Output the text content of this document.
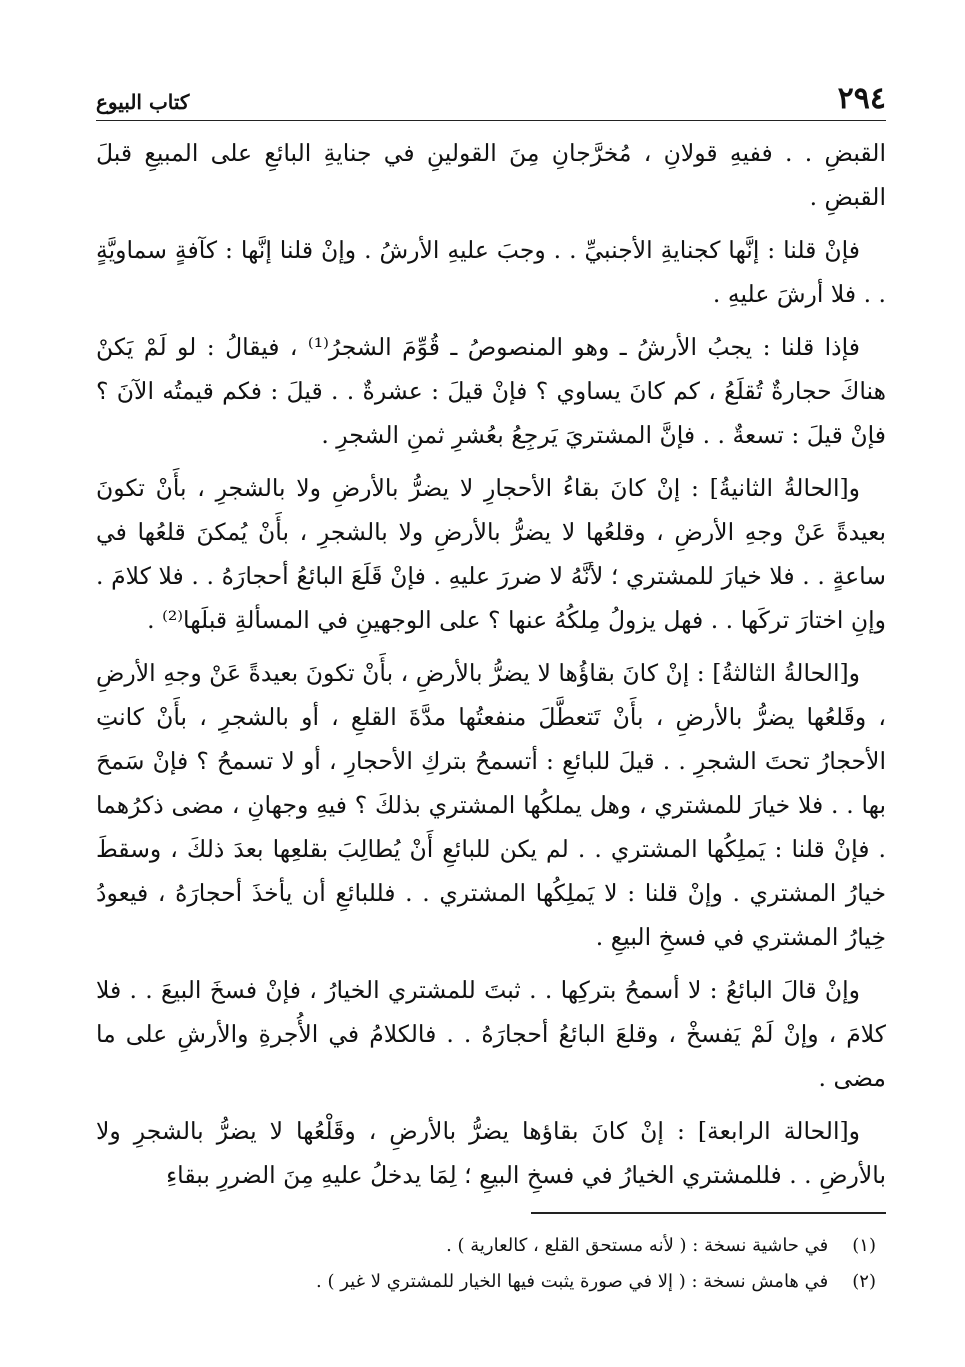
٢٩٤
كتاب البيوع

القبضِ . . ففيهِ قولانِ ، مُخرَّجانِ مِنَ القولينِ في جنايةِ البائعِ على المبيعِ قبلَ القبضِ .

فإنْ قلنا : إنَّها كجنايةِ الأجنبيِّ . . وجبَ عليهِ الأرشُ . وإنْ قلنا إنَّها : كآفةٍ سماويَّةٍ . . فلا أرشَ عليهِ .

فإذا قلنا : يجبُ الأرشُ ـ وهو المنصوصُ ـ قُوِّمَ الشجرُ⁽¹⁾ ، فيقالُ : لو لَمْ يَكنْ هناكَ حجارةٌ تُقلَعُ ، كم كانَ يساوي ؟ فإنْ قيلَ : عشرةٌ . . قيلَ : فكم قيمتُه الآنَ ؟ فإنْ قيلَ : تسعةٌ . . فإنَّ المشتريَ يَرجِعُ بعُشرِ ثمنِ الشجرِ .

و[الحالةُ الثانيةُ] : إنْ كانَ بقاءُ الأحجارِ لا يضرُّ بالأرضِ ولا بالشجرِ ، بأَنْ تكونَ بعيدةً عَنْ وجهِ الأرضِ ، وقلعُها لا يضرُّ بالأرضِ ولا بالشجرِ ، بأَنْ يُمكنَ قلعُها في ساعةٍ . . فلا خيارَ للمشتري ؛ لأنَّهُ لا ضررَ عليهِ . فإنْ قَلَعَ البائعُ أحجارَهُ . . فلا كلامَ . وإنِ اختارَ تركَها . . فهل يزولُ مِلكُهُ عنها ؟ على الوجهينِ في المسألةِ قبلَها⁽²⁾ .

و[الحالةُ الثالثةُ] : إنْ كانَ بقاؤُها لا يضرُّ بالأرضِ ، بأَنْ تكونَ بعيدةً عَنْ وجهِ الأرضِ ، وقَلعُها يضرُّ بالأرضِ ، بأَنْ تَتعطَّلَ منفعتُها مدَّةَ القلعِ ، أو بالشجرِ ، بأَنْ كانتِ الأحجارُ تحتَ الشجرِ . . قيلَ للبائعِ : أتسمحُ بتركِ الأحجارِ ، أو لا تسمحُ ؟ فإنْ سَمحَ بها . . فلا خيارَ للمشتري ، وهل يملكُها المشتري بذلكَ ؟ فيهِ وجهانِ ، مضى ذكرُهما . فإنْ قلنا : يَملِكُها المشتري . . لم يكن للبائعِ أَنْ يُطالِبَ بقلعِها بعدَ ذلكَ ، وسقطَ خيارُ المشتري . وإنْ قلنا : لا يَملِكُها المشتري . . فللبائعِ أن يأخذَ أحجارَهُ ، فيعودُ خِيارُ المشتري في فسخِ البيعِ .

وإنْ قالَ البائعُ : لا أسمحُ بتركِها . . ثبتَ للمشتري الخيارُ ، فإنْ فسخَ البيعَ . . فلا كلامَ ، وإنْ لَمْ يَفسخْ ، وقلعَ البائعُ أحجارَهُ . . فالكلامُ في الأُجرةِ والأرشِ على ما مضى .

و[الحالة الرابعة] : إنْ كانَ بقاؤها يضرُّ بالأرضِ ، وقَلْعُها لا يضرُّ بالشجرِ ولا بالأرضِ . . فللمشتري الخيارُ في فسخِ البيعِ ؛ لِمَا يدخلُ عليهِ مِنَ الضررِ ببقاءِ

(١) في حاشية نسخة : ( لأنه مستحق القلع ، كالعارية ) .
(٢) في هامش نسخة : ( إلا في صورة يثبت فيها الخيار للمشتري لا غير ) .
